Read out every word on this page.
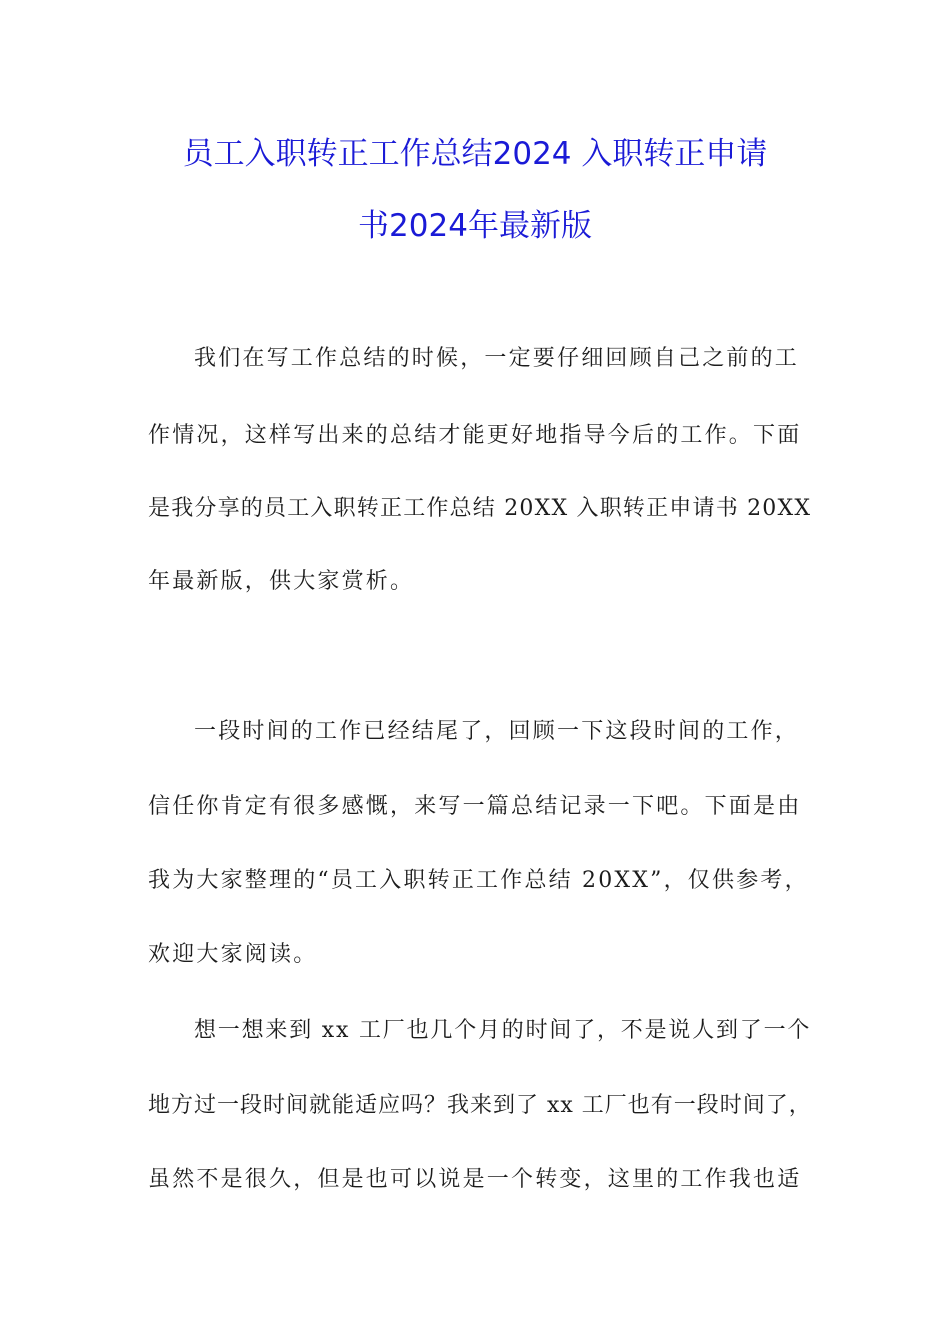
员工入职转正工作总结2024 入职转正申请
书2024年最新版

我们在写工作总结的时候，一定要仔细回顾自己之前的工

作情况，这样写出来的总结才能更好地指导今后的工作。下面

是我分享的员工入职转正工作总结 20XX 入职转正申请书 20XX

年最新版，供大家赏析。

一段时间的工作已经结尾了，回顾一下这段时间的工作，

信任你肯定有很多感慨，来写一篇总结记录一下吧。下面是由

我为大家整理的“员工入职转正工作总结 20XX”，仅供参考，

欢迎大家阅读。

想一想来到 xx 工厂也几个月的时间了，不是说人到了一个

地方过一段时间就能适应吗？我来到了 xx 工厂也有一段时间了，

虽然不是很久，但是也可以说是一个转变，这里的工作我也适
